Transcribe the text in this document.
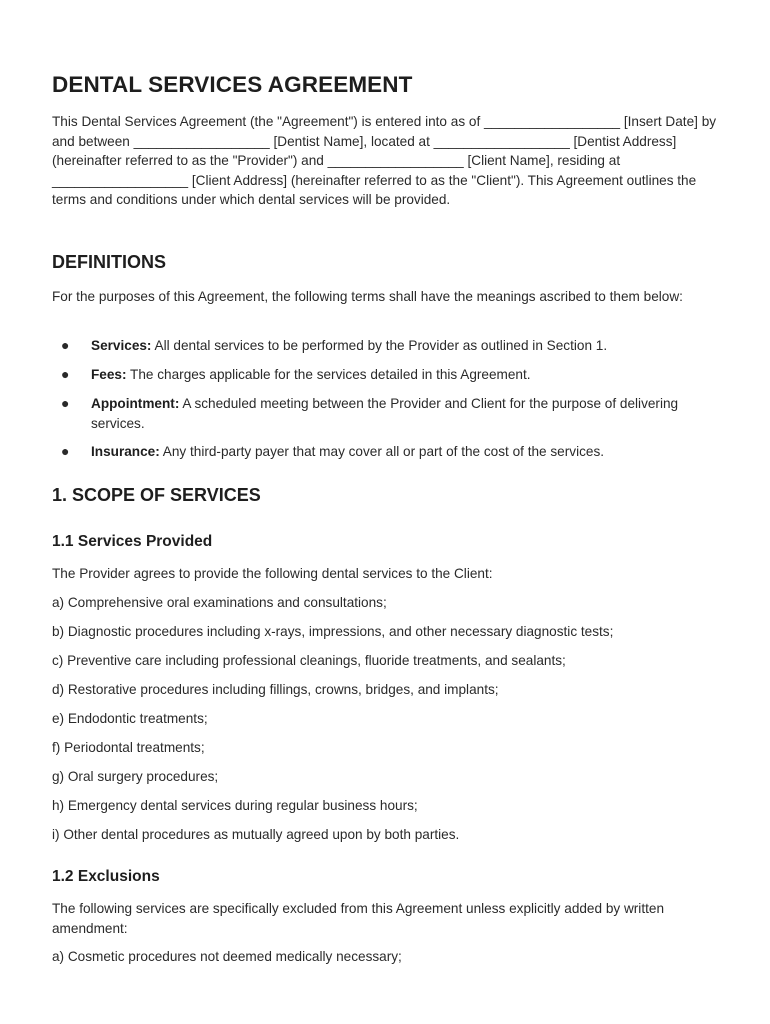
DENTAL SERVICES AGREEMENT

This Dental Services Agreement (the "Agreement") is entered into as of __________________ [Insert Date] by and between __________________ [Dentist Name], located at __________________ [Dentist Address] (hereinafter referred to as the "Provider") and __________________ [Client Name], residing at __________________ [Client Address] (hereinafter referred to as the "Client"). This Agreement outlines the terms and conditions under which dental services will be provided.

DEFINITIONS

For the purposes of this Agreement, the following terms shall have the meanings ascribed to them below:

● Services: All dental services to be performed by the Provider as outlined in Section 1.
● Fees: The charges applicable for the services detailed in this Agreement.
● Appointment: A scheduled meeting between the Provider and Client for the purpose of delivering services.
● Insurance: Any third-party payer that may cover all or part of the cost of the services.
1. SCOPE OF SERVICES
1.1 Services Provided

The Provider agrees to provide the following dental services to the Client:

a) Comprehensive oral examinations and consultations;

b) Diagnostic procedures including x-rays, impressions, and other necessary diagnostic tests;

c) Preventive care including professional cleanings, fluoride treatments, and sealants;

d) Restorative procedures including fillings, crowns, bridges, and implants;

e) Endodontic treatments;

f) Periodontal treatments;

g) Oral surgery procedures;

h) Emergency dental services during regular business hours;

i) Other dental procedures as mutually agreed upon by both parties.

1.2 Exclusions

The following services are specifically excluded from this Agreement unless explicitly added by written amendment:

a) Cosmetic procedures not deemed medically necessary;
